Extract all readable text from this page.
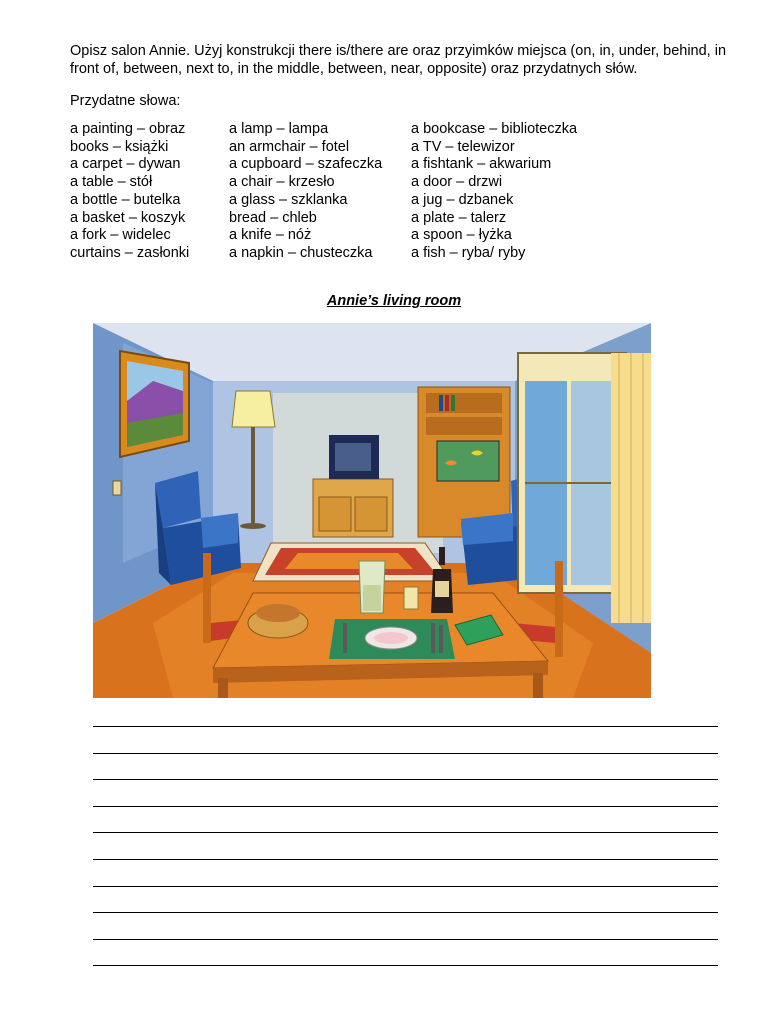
Opisz salon Annie. Użyj konstrukcji there is/there are oraz przyimków miejsca (on, in, under, behind, in front of, between, next to, in the middle, between, near, opposite) oraz przydatnych słów.
Przydatne słowa:
a painting – obraz
books – książki
a carpet – dywan
a table – stół
a bottle – butelka
a basket – koszyk
a fork – widelec
curtains – zasłonki
a lamp – lampa
an armchair – fotel
a cupboard – szafeczka
a chair – krzesło
a glass – szklanka
bread – chleb
a knife – nóż
a napkin – chusteczka
a bookcase – biblioteczka
a TV – telewizor
a fishtank – akwarium
a door – drzwi
a jug – dzbanek
a plate – talerz
a spoon – łyżka
a fish – ryba/ ryby
Annie’s living room
